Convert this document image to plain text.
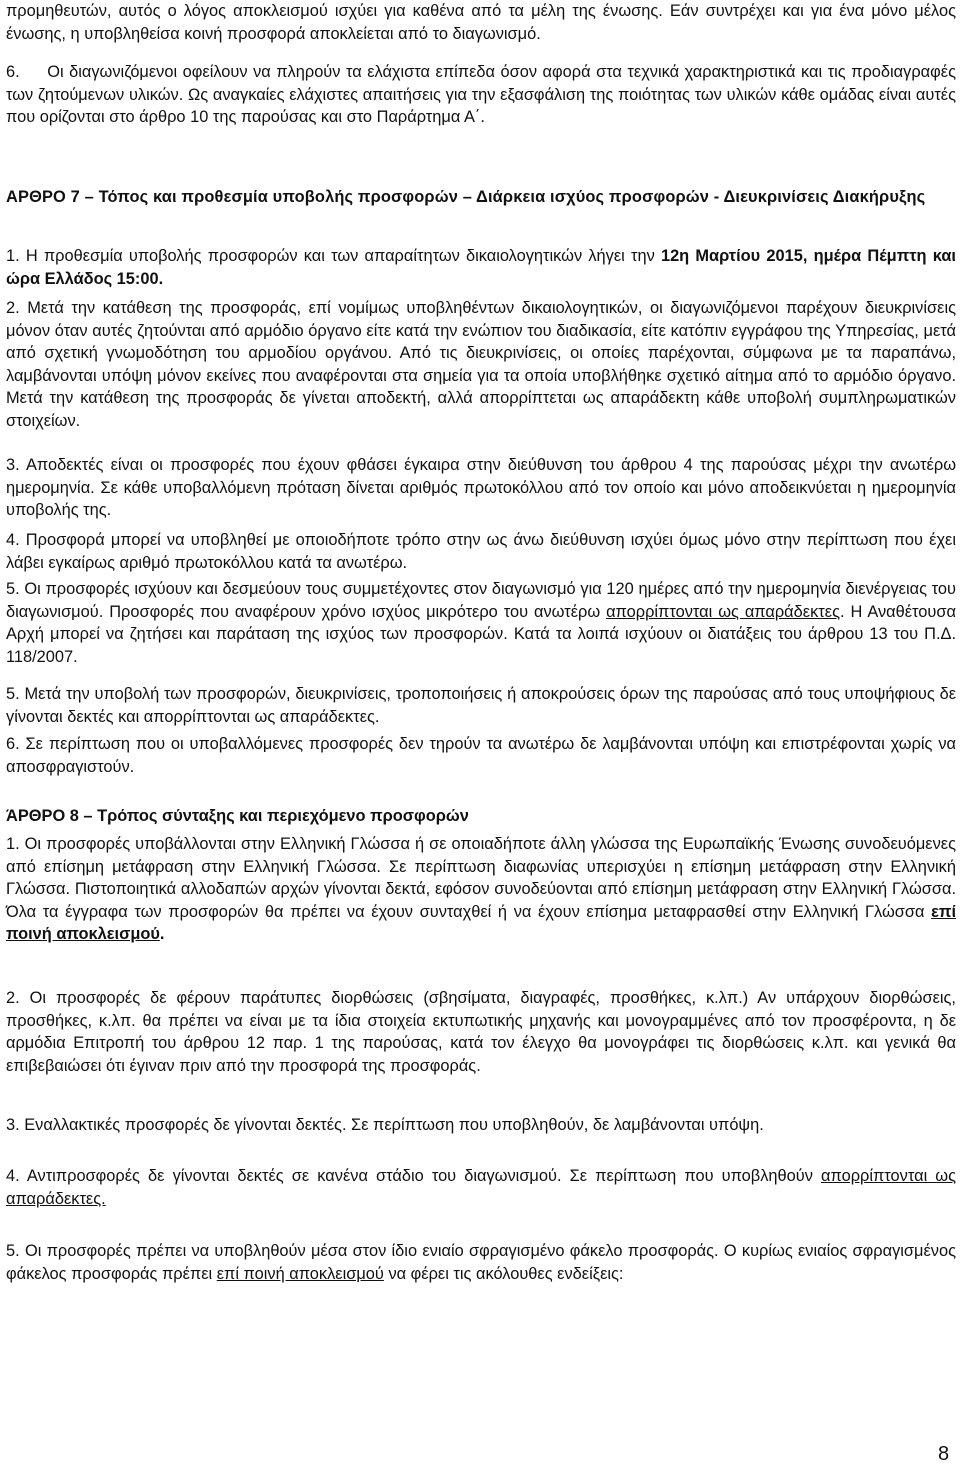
προμηθευτών, αυτός ο λόγος αποκλεισμού ισχύει για καθένα από τα μέλη της ένωσης. Εάν συντρέχει και για ένα μόνο μέλος ένωσης, η υποβληθείσα κοινή προσφορά αποκλείεται από το διαγωνισμό.

6. Οι διαγωνιζόμενοι οφείλουν να πληρούν τα ελάχιστα επίπεδα όσον αφορά στα τεχνικά χαρακτηριστικά και τις προδιαγραφές των ζητούμενων υλικών. Ως αναγκαίες ελάχιστες απαιτήσεις για την εξασφάλιση της ποιότητας των υλικών κάθε ομάδας είναι αυτές που ορίζονται στο άρθρο 10 της παρούσας και στο Παράρτημα Α΄.

ΑΡΘΡΟ 7 – Τόπος και προθεσμία υποβολής προσφορών – Διάρκεια ισχύος προσφορών - Διευκρινίσεις Διακήρυξης

1. Η προθεσμία υποβολής προσφορών και των απαραίτητων δικαιολογητικών λήγει την 12η Μαρτίου 2015, ημέρα Πέμπτη και ώρα Ελλάδος 15:00.

2. Μετά την κατάθεση της προσφοράς, επί νομίμως υποβληθέντων δικαιολογητικών, οι διαγωνιζόμενοι παρέχουν διευκρινίσεις μόνον όταν αυτές ζητούνται από αρμόδιο όργανο είτε κατά την ενώπιον του διαδικασία, είτε κατόπιν εγγράφου της Υπηρεσίας, μετά από σχετική γνωμοδότηση του αρμοδίου οργάνου. Από τις διευκρινίσεις, οι οποίες παρέχονται, σύμφωνα με τα παραπάνω, λαμβάνονται υπόψη μόνον εκείνες που αναφέρονται στα σημεία για τα οποία υποβλήθηκε σχετικό αίτημα από το αρμόδιο όργανο. Μετά την κατάθεση της προσφοράς δε γίνεται αποδεκτή, αλλά απορρίπτεται ως απαράδεκτη κάθε υποβολή συμπληρωματικών στοιχείων.

3. Αποδεκτές είναι οι προσφορές που έχουν φθάσει έγκαιρα στην διεύθυνση του άρθρου 4 της παρούσας μέχρι την ανωτέρω ημερομηνία. Σε κάθε υποβαλλόμενη πρόταση δίνεται αριθμός πρωτοκόλλου από τον οποίο και μόνο αποδεικνύεται η ημερομηνία υποβολής της.

4. Προσφορά μπορεί να υποβληθεί με οποιοδήποτε τρόπο στην ως άνω διεύθυνση ισχύει όμως μόνο στην περίπτωση που έχει λάβει εγκαίρως αριθμό πρωτοκόλλου κατά τα ανωτέρω.

5. Οι προσφορές ισχύουν και δεσμεύουν τους συμμετέχοντες στον διαγωνισμό για 120 ημέρες από την ημερομηνία διενέργειας του διαγωνισμού. Προσφορές που αναφέρουν χρόνο ισχύος μικρότερο του ανωτέρω απορρίπτονται ως απαράδεκτες. Η Αναθέτουσα Αρχή μπορεί να ζητήσει και παράταση της ισχύος των προσφορών. Κατά τα λοιπά ισχύουν οι διατάξεις του άρθρου 13 του Π.Δ. 118/2007.

5. Μετά την υποβολή των προσφορών, διευκρινίσεις, τροποποιήσεις ή αποκρούσεις όρων της παρούσας από τους υποψήφιους δε γίνονται δεκτές και απορρίπτονται ως απαράδεκτες.

6. Σε περίπτωση που οι υποβαλλόμενες προσφορές δεν τηρούν τα ανωτέρω δε λαμβάνονται υπόψη και επιστρέφονται χωρίς να αποσφραγιστούν.

ΆΡΘΡΟ 8 – Τρόπος σύνταξης και περιεχόμενο προσφορών

1. Οι προσφορές υποβάλλονται στην Ελληνική Γλώσσα ή σε οποιαδήποτε άλλη γλώσσα της Ευρωπαϊκής Ένωσης συνοδευόμενες από επίσημη μετάφραση στην Ελληνική Γλώσσα. Σε περίπτωση διαφωνίας υπερισχύει η επίσημη μετάφραση στην Ελληνική Γλώσσα. Πιστοποιητικά αλλοδαπών αρχών γίνονται δεκτά, εφόσον συνοδεύονται από επίσημη μετάφραση στην Ελληνική Γλώσσα. Όλα τα έγγραφα των προσφορών θα πρέπει να έχουν συνταχθεί ή να έχουν επίσημα μεταφρασθεί στην Ελληνική Γλώσσα επί ποινή αποκλεισμού.

2. Οι προσφορές δε φέρουν παράτυπες διορθώσεις (σβησίματα, διαγραφές, προσθήκες, κ.λπ.) Αν υπάρχουν διορθώσεις, προσθήκες, κ.λπ. θα πρέπει να είναι με τα ίδια στοιχεία εκτυπωτικής μηχανής και μονογραμμένες από τον προσφέροντα, η δε αρμόδια Επιτροπή του άρθρου 12 παρ. 1 της παρούσας, κατά τον έλεγχο θα μονογράφει τις διορθώσεις κ.λπ. και γενικά θα επιβεβαιώσει ότι έγιναν πριν από την προσφορά της προσφοράς.

3. Εναλλακτικές προσφορές δε γίνονται δεκτές. Σε περίπτωση που υποβληθούν, δε λαμβάνονται υπόψη.

4. Αντιπροσφορές δε γίνονται δεκτές σε κανένα στάδιο του διαγωνισμού. Σε περίπτωση που υποβληθούν απορρίπτονται ως απαράδεκτες.

5. Οι προσφορές πρέπει να υποβληθούν μέσα στον ίδιο ενιαίο σφραγισμένο φάκελο προσφοράς. Ο κυρίως ενιαίος σφραγισμένος φάκελος προσφοράς πρέπει επί ποινή αποκλεισμού να φέρει τις ακόλουθες ενδείξεις:

8
